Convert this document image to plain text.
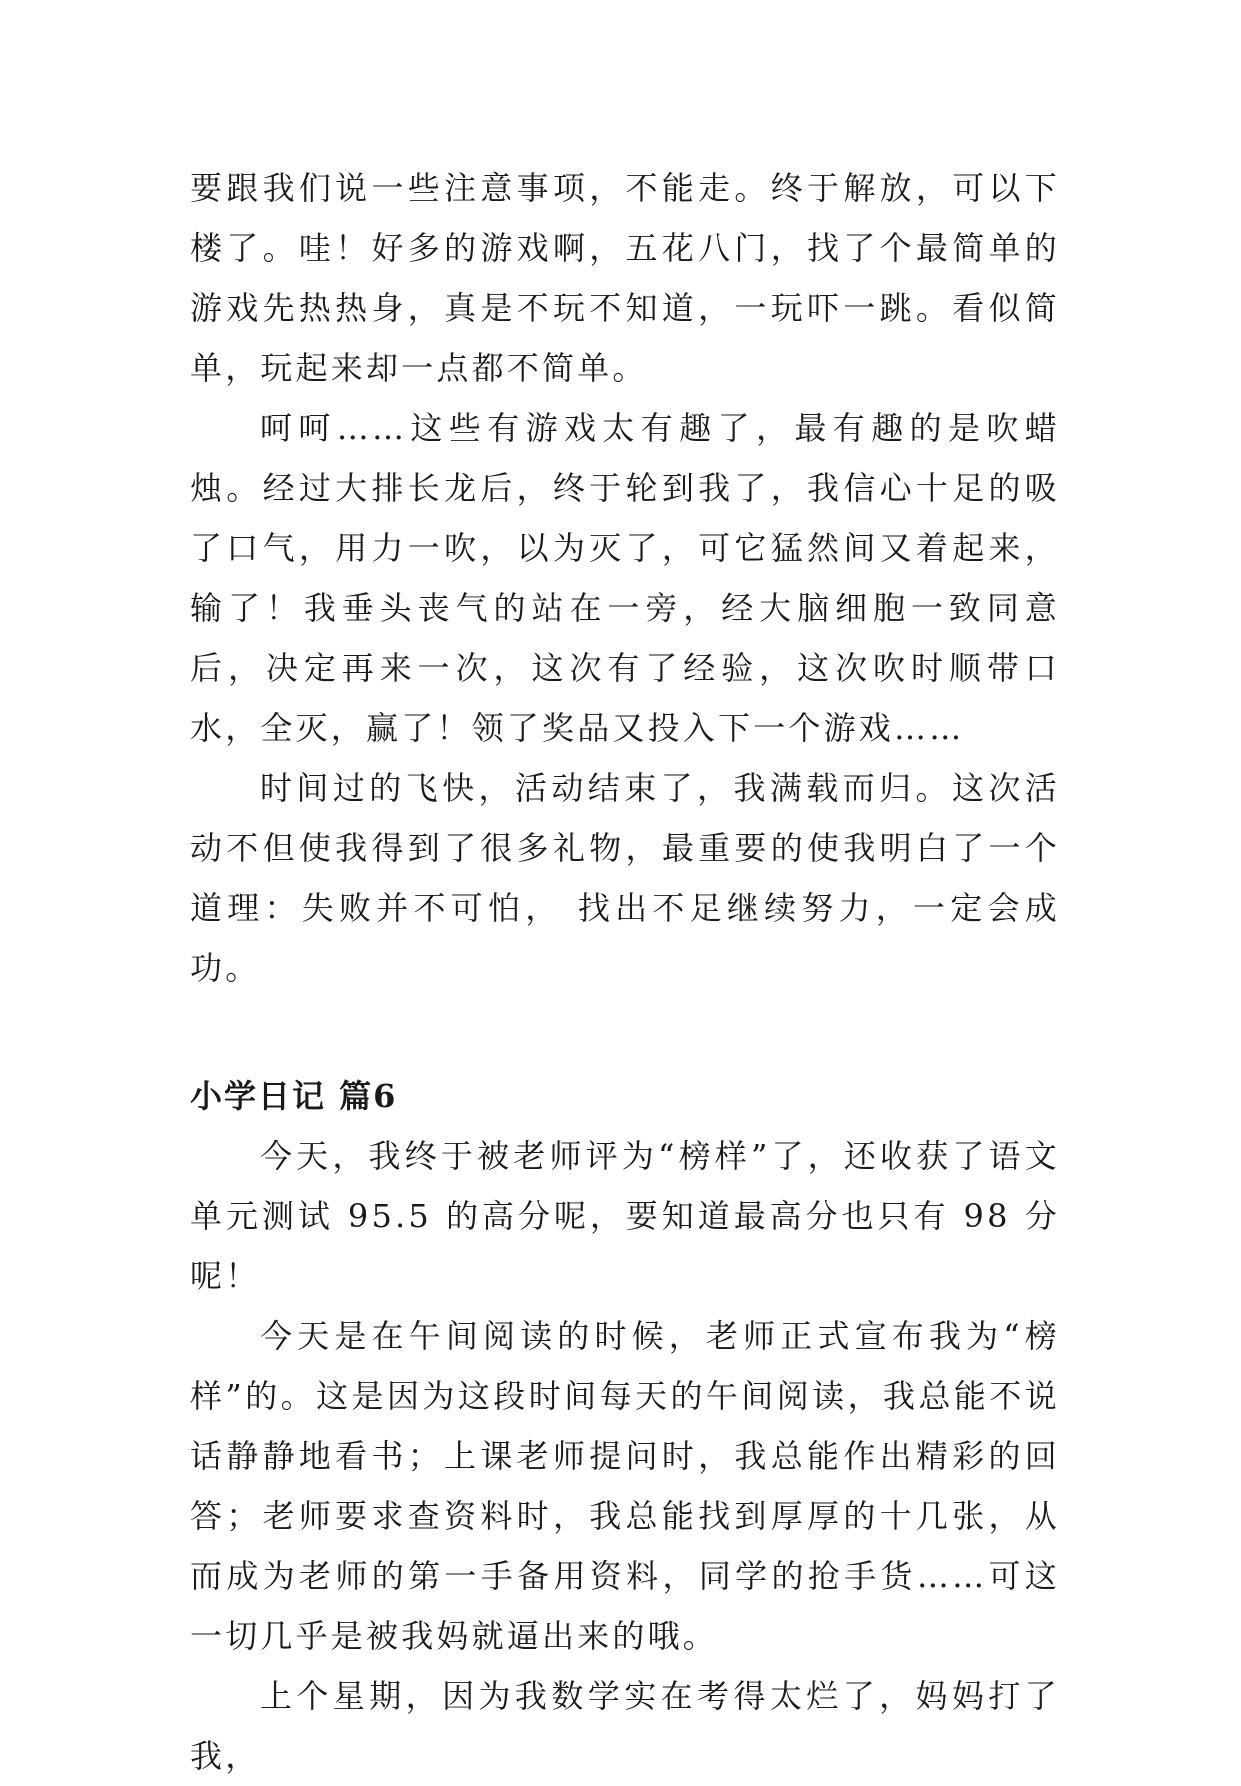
要跟我们说一些注意事项，不能走。终于解放，可以下楼了。哇！好多的游戏啊，五花八门，找了个最简单的游戏先热热身，真是不玩不知道，一玩吓一跳。看似简单，玩起来却一点都不简单。

呵呵……这些有游戏太有趣了，最有趣的是吹蜡烛。经过大排长龙后，终于轮到我了，我信心十足的吸了口气，用力一吹，以为灭了，可它猛然间又着起来，输了！我垂头丧气的站在一旁，经大脑细胞一致同意后，决定再来一次，这次有了经验，这次吹时顺带口水，全灭，赢了！领了奖品又投入下一个游戏……

时间过的飞快，活动结束了，我满载而归。这次活动不但使我得到了很多礼物，最重要的使我明白了一个道理：失败并不可怕， 找出不足继续努力，一定会成功。

小学日记 篇6

今天，我终于被老师评为“榜样”了，还收获了语文单元测试 95.5 的高分呢，要知道最高分也只有 98 分呢！

今天是在午间阅读的时候，老师正式宣布我为“榜样”的。这是因为这段时间每天的午间阅读，我总能不说话静静地看书；上课老师提问时，我总能作出精彩的回答；老师要求查资料时，我总能找到厚厚的十几张，从而成为老师的第一手备用资料，同学的抢手货……可这一切几乎是被我妈就逼出来的哦。

上个星期，因为我数学实在考得太烂了，妈妈打了我，
